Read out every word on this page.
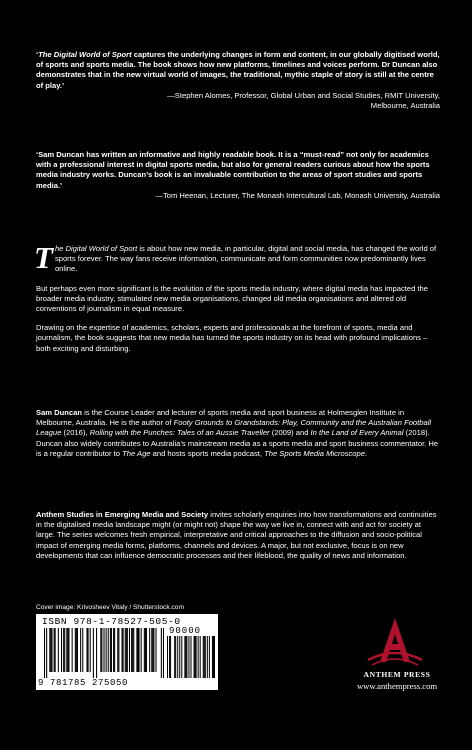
‘The Digital World of Sport captures the underlying changes in form and content, in our globally digitised world, of sports and sports media. The book shows how new platforms, timelines and voices perform. Dr Duncan also demonstrates that in the new virtual world of images, the traditional, mythic staple of story is still at the centre of play.’

—Stephen Alomes, Professor, Global Urban and Social Studies, RMIT University,

Melbourne, Australia

‘Sam Duncan has written an informative and highly readable book. It is a “must-read” not only for academics with a professional interest in digital sports media, but also for general readers curious about how the sports media industry works. Duncan’s book is an invaluable contribution to the areas of sport studies and sports media.’

—Tom Heenan, Lecturer, The Monash Intercultural Lab, Monash University, Australia

The Digital World of Sport is about how new media, in particular, digital and social media, has changed the world of sports forever. The way fans receive information, communicate and form communities now predominantly lives online.

But perhaps even more significant is the evolution of the sports media industry, where digital media has impacted the broader media industry, stimulated new media organisations, changed old media organisations and altered old conventions of journalism in equal measure.

Drawing on the expertise of academics, scholars, experts and professionals at the forefront of sports, media and journalism, the book suggests that new media has turned the sports industry on its head with profound implications – both exciting and disturbing.

Sam Duncan is the Course Leader and lecturer of sports media and sport business at Holmesglen Institute in Melbourne, Australia. He is the author of Footy Grounds to Grandstands: Play, Community and the Australian Football League (2016), Rolling with the Punches: Tales of an Aussie Traveller (2009) and In the Land of Every Animal (2018). Duncan also widely contributes to Australia’s mainstream media as a sports media and sport business commentator. He is a regular contributor to The Age and hosts sports media podcast, The Sports Media Microscope.

Anthem Studies in Emerging Media and Society invites scholarly enquiries into how transformations and continuities in the digitalised media landscape might (or might not) shape the way we live in, connect with and act for society at large. The series welcomes fresh empirical, interpretative and critical approaches to the diffusion and socio-political impact of emerging media forms, platforms, channels and devices. A major, but not exclusive, focus is on new developments that can influence democratic processes and their lifeblood, the quality of news and information.

Cover image: Krivosheev Vitaly / Shutterstock.com
ISBN 978-1-78527-505-0
90000
9 781785 275050
ANTHEM PRESS
www.anthempress.com
